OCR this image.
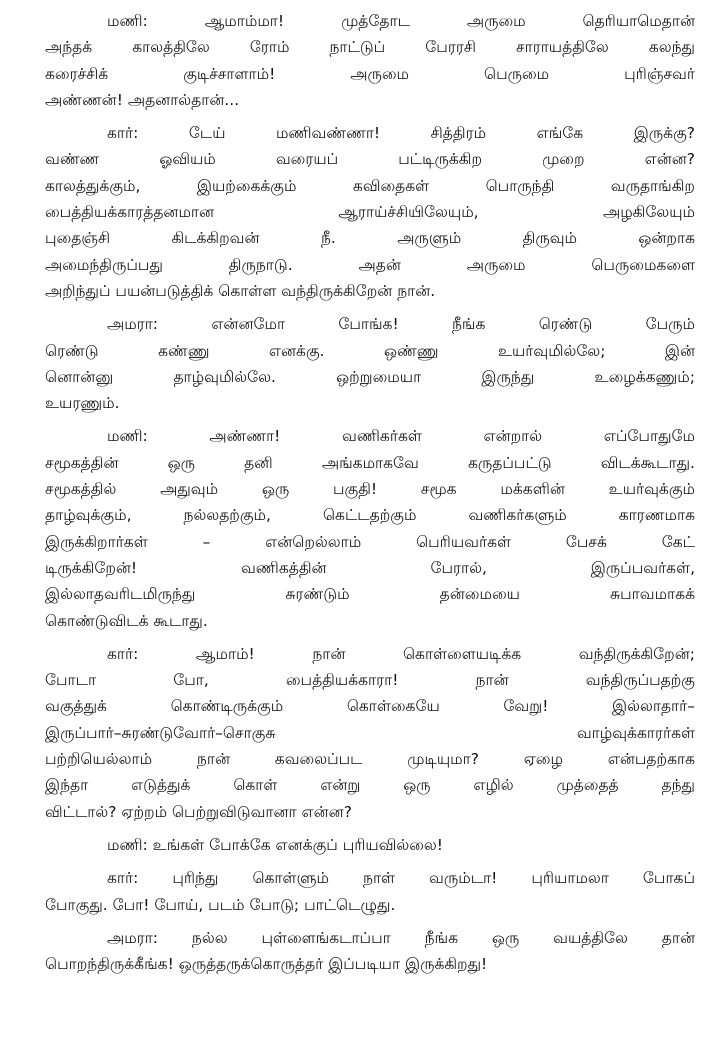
மணி: ஆமாம்மா! முத்தோட அருமை தெரியாமெதான்
அந்தக் காலத்திலே ரோம் நாட்டுப் பேரரசி சாராயத்திலே கலந்து
கரைச்சிக் குடிச்சாளாம்! அருமை பெருமை புரிஞ்சவர்
அண்ணன்! அதனால்தான்...
கார்: டேய் மணிவண்ணா! சித்திரம் எங்கே இருக்கு?
வண்ண ஓவியம் வரையப் பட்டிருக்கிற முறை என்ன?
காலத்துக்கும், இயற்கைக்கும் கவிதைகள் பொருந்தி வருதாங்கிற
பைத்தியக்காரத்தனமான ஆராய்ச்சியிலேயும், அழகிலேயும்
புதைஞ்சி கிடக்கிறவன் நீ. அருளும் திருவும் ஒன்றாக
அமைந்திருப்பது திருநாடு. அதன் அருமை பெருமைகளை
அறிந்துப் பயன்படுத்திக் கொள்ள வந்திருக்கிறேன் நான்.
அமரா: என்னமோ போங்க! நீங்க ரெண்டு பேரும்
ரெண்டு கண்ணு எனக்கு. ஒண்ணு உயர்வுமில்லே; இன்
னொன்னு தாழ்வுமில்லே. ஒற்றுமையா இருந்து உழைக்கணும்;
உயரணும்.
மணி: அண்ணா! வணிகர்கள் என்றால் எப்போதுமே
சமூகத்தின் ஒரு தனி அங்கமாகவே கருதப்பட்டு விடக்கூடாது.
சமூகத்தில் அதுவும் ஒரு பகுதி! சமூக மக்களின் உயர்வுக்கும்
தாழ்வுக்கும், நல்லதற்கும், கெட்டதற்கும் வணிகர்களும் காரணமாக
இருக்கிறார்கள் – என்றெல்லாம் பெரியவர்கள் பேசக் கேட்
டிருக்கிறேன்! வணிகத்தின் பேரால், இருப்பவர்கள்,
இல்லாதவரிடமிருந்து சுரண்டும் தன்மையை சுபாவமாகக்
கொண்டுவிடக் கூடாது.
கார்: ஆமாம்! நான் கொள்ளையடிக்க வந்திருக்கிறேன்;
போடா போ, பைத்தியக்காரா! நான் வந்திருப்பதற்கு
வகுத்துக் கொண்டிருக்கும் கொள்கையே வேறு! இல்லாதார்–
இருப்பார்–சுரண்டுவோர்–சொகுசு வாழ்வுக்காரர்கள்
பற்றியெல்லாம் நான் கவலைப்பட முடியுமா? ஏழை என்பதற்காக
இந்தா எடுத்துக் கொள் என்று ஒரு எழில் முத்தைத் தந்து
விட்டால்? ஏற்றம் பெற்றுவிடுவானா என்ன?
மணி: உங்கள் போக்கே எனக்குப் புரியவில்லை!
கார்: புரிந்து கொள்ளும் நாள் வரும்டா! புரியாமலா போகப்
போகுது. போ! போய், படம் போடு; பாட்டெழுது.
அமரா: நல்ல புள்ளைங்கடாப்பா நீங்க ஒரு வயத்திலே தான்
பொறந்திருக்கீங்க! ஒருத்தருக்கொருத்தர் இப்படியா இருக்கிறது!
